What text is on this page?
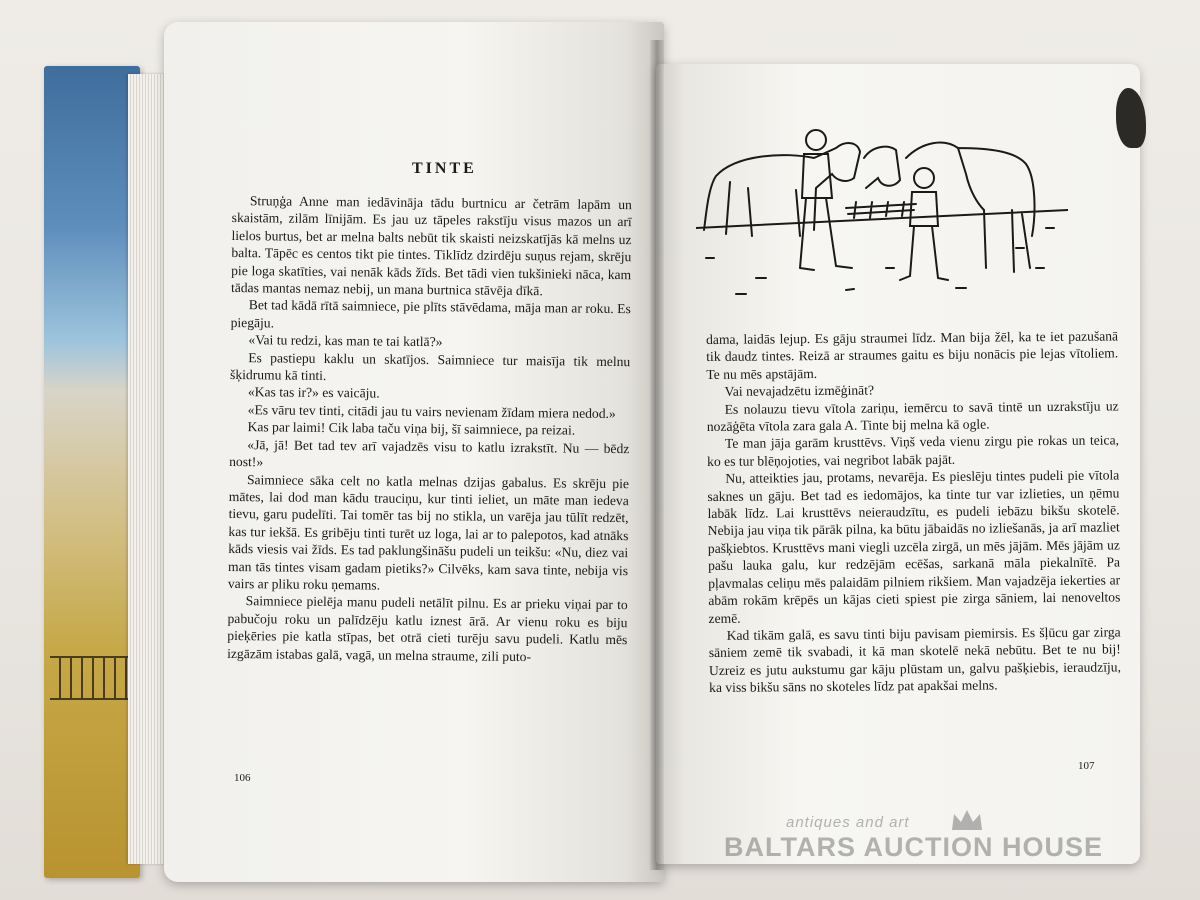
TINTE

Struņģa Anne man iedāvināja tādu burtnicu ar četrām lapām un skaistām, zilām līnijām. Es jau uz tāpeles rakstīju visus mazos un arī lielos burtus, bet ar melna balts nebūt tik skaisti neizskatījās kā melns uz balta. Tāpēc es centos tikt pie tintes. Tiklīdz dzirdēju suņus rejam, skrēju pie loga skatīties, vai nenāk kāds žīds. Bet tādi vien tukšinieki nāca, kam tādas mantas nemaz nebij, un mana burtnica stāvēja dīkā.

Bet tad kādā rītā saimniece, pie plīts stāvēdama, māja man ar roku. Es piegāju.

«Vai tu redzi, kas man te tai katlā?»

Es pastiepu kaklu un skatījos. Saimniece tur maisīja tik melnu šķidrumu kā tinti.

«Kas tas ir?» es vaicāju.

«Es vāru tev tinti, citādi jau tu vairs nevienam žīdam miera nedod.»

Kas par laimi! Cik laba taču viņa bij, šī saimniece, pa reizai.

«Jā, jā! Bet tad tev arī vajadzēs visu to katlu izrakstīt. Nu — bēdz nost!»

Saimniece sāka celt no katla melnas dzijas gabalus. Es skrēju pie mātes, lai dod man kādu trauciņu, kur tinti ieliet, un māte man iedeva tievu, garu pudelīti. Tai tomēr tas bij no stikla, un varēja jau tūlīt redzēt, kas tur iekšā. Es gribēju tinti turēt uz loga, lai ar to palepotos, kad atnāks kāds viesis vai žīds. Es tad paklungšināšu pudeli un teikšu: «Nu, diez vai man tās tintes visam gadam pietiks?» Cilvēks, kam sava tinte, nebija vis vairs ar pliku roku ņemams.

Saimniece pielēja manu pudeli netālīt pilnu. Es ar prieku viņai par to pabučoju roku un palīdzēju katlu iznest ārā. Ar vienu roku es biju pieķēries pie katla stīpas, bet otrā cieti turēju savu pudeli. Katlu mēs izgāzām istabas galā, vagā, un melna straume, zili puto-

106

dama, laidās lejup. Es gāju straumei līdz. Man bija žēl, ka te iet pazušanā tik daudz tintes. Reizā ar straumes gaitu es biju nonācis pie lejas vītoliem. Te nu mēs apstājām.

Vai nevajadzētu izmēģināt?

Es nolauzu tievu vītola zariņu, iemērcu to savā tintē un uzrakstīju uz nozāģēta vītola zara gala A. Tinte bij melna kā ogle.

Te man jāja garām krusttēvs. Viņš veda vienu zirgu pie rokas un teica, ko es tur blēņojoties, vai negribot labāk pajāt.

Nu, atteikties jau, protams, nevarēja. Es pieslēju tintes pudeli pie vītola saknes un gāju. Bet tad es iedomājos, ka tinte tur var izlieties, un ņēmu labāk līdz. Lai krusttēvs neieraudzītu, es pudeli iebāzu bikšu skotelē. Nebija jau viņa tik pārāk pilna, ka būtu jābaidās no izliešanās, ja arī mazliet pašķiebtos. Krusttēvs mani viegli uzcēla zirgā, un mēs jājām. Mēs jājām uz pašu lauka galu, kur redzējām ecēšas, sarkanā māla piekalnītē. Pa pļavmalas celiņu mēs palaidām pilniem rikšiem. Man vajadzēja iekerties ar abām rokām krēpēs un kājas cieti spiest pie zirga sāniem, lai nenoveltos zemē.

Kad tikām galā, es savu tinti biju pavisam piemirsis. Es šļūcu gar zirga sāniem zemē tik svabadi, it kā man skotelē nekā nebūtu. Bet te nu bij! Uzreiz es jutu aukstumu gar kāju plūstam un, galvu pašķiebis, ieraudzīju, ka viss bikšu sāns no skoteles līdz pat apakšai melns.

107
antiques and art
BALTARS AUCTION HOUSE
